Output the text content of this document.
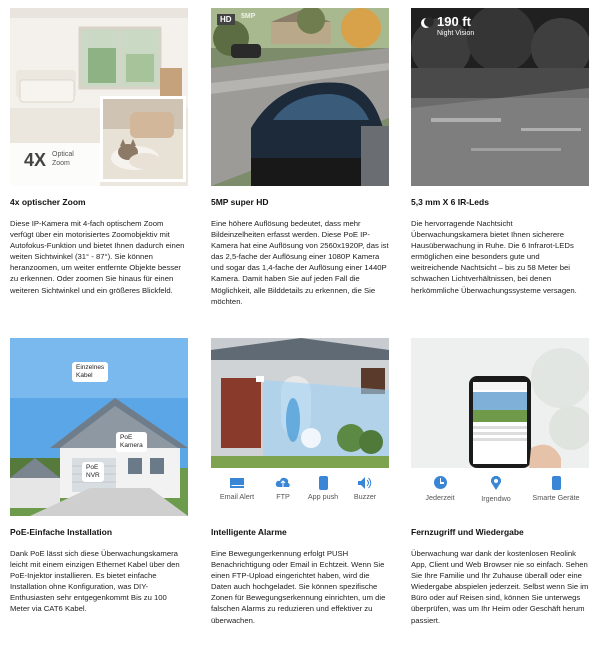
4X Optical
Zoom
4x optischer Zoom
Diese IP-Kamera mit 4-fach optischem Zoom verfügt über ein motorisiertes Zoomobjektiv mit Autofokus-Funktion und bietet Ihnen dadurch einen weiten Sichtwinkel (31° - 87°). Sie können heranzoomen, um weiter entfernte Objekte besser zu erkennen. Oder zoomen Sie hinaus für einen weiteren Sichtwinkel und ein größeres Blickfeld.
HD	5MP
5MP super HD
Eine höhere Auflösung bedeutet, dass mehr Bildeinzelheiten erfasst werden. Diese PoE IP-Kamera hat eine Auflösung von 2560x1920P, das ist das 2,5-fache der Auflösung einer 1080P Kamera und sogar das 1,4-fache der Auflösung einer 1440P Kamera. Damit haben Sie auf jeden Fall die Möglichkeit, alle Bilddetails zu erkennen, die Sie möchten.
190 ft
Night Vision
5,3 mm X 6 IR-Leds
Die hervorragende Nachtsicht Überwachungskamera bietet Ihnen sicherere Hausüberwachung in Ruhe. Die 6 Infrarot-LEDs ermöglichen eine besonders gute und weitreichende Nachtsicht – bis zu 58 Meter bei schwachen Lichtverhältnissen, bei denen herkömmliche Überwachungssysteme versagen.
Einzelnes
Kabel
PoE
Kamera
PoE
NVR
PoE-Einfache Installation
Dank PoE lässt sich diese Überwachungskamera leicht mit einem einzigen Ethernet Kabel über den PoE-Injektor installieren. Es bietet einfache Installation ohne Konfiguration, was DIY-Enthusiasten sehr entgegenkommt Bis zu 100 Meter via CAT6 Kabel.
Email Alert	FTP	App push	Buzzer
Intelligente Alarme
Eine Bewegungerkennung erfolgt PUSH Benachrichtigung oder Email in Echtzeit. Wenn Sie einen FTP-Upload eingerichtet haben, wird die Daten auch hochgeladet. Sie können spezifische Zonen für Bewegungserkennung einrichten, um die falschen Alarms zu reduzieren und effektiver zu überwachen.
Jederzeit	Irgendwo	Smarte Geräte
Fernzugriff und Wiedergabe
Überwachung war dank der kostenlosen Reolink App, Client und Web Browser nie so einfach. Sehen Sie Ihre Familie und Ihr Zuhause überall oder eine Wiedergabe abspielen jederzeit. Selbst wenn Sie im Büro oder auf Reisen sind, können Sie unterwegs überprüfen, was um Ihr Heim oder Geschäft herum passiert.
